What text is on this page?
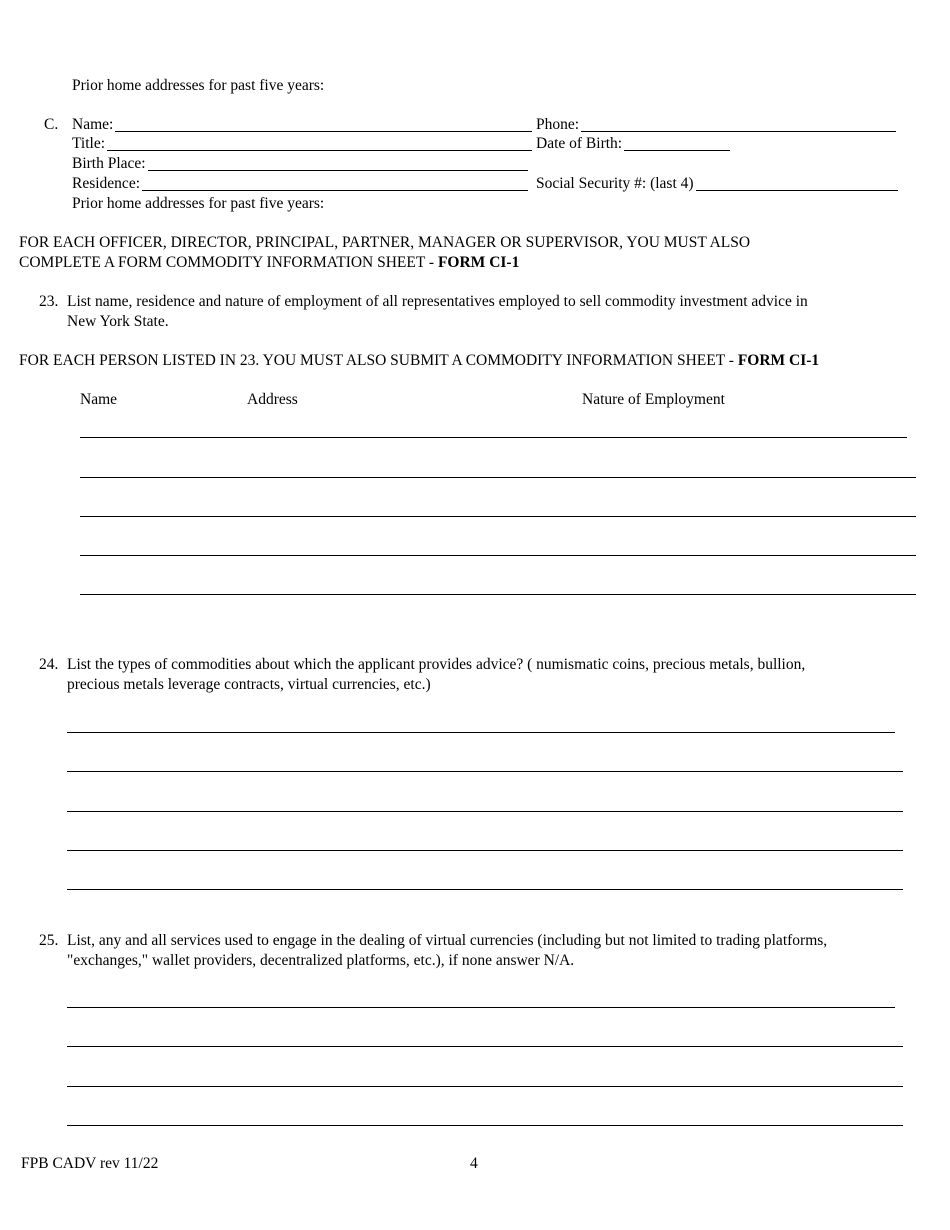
Prior home addresses for past five years:
C. Name:	Phone:
Title:	Date of Birth:
Birth Place:
Residence:	Social Security #: (last 4)
Prior home addresses for past five years:
FOR EACH OFFICER, DIRECTOR, PRINCIPAL, PARTNER, MANAGER OR SUPERVISOR, YOU MUST ALSO
COMPLETE A FORM COMMODITY INFORMATION SHEET - FORM CI-1
23. List name, residence and nature of employment of all representatives employed to sell commodity investment advice in
New York State.
FOR EACH PERSON LISTED IN 23. YOU MUST ALSO SUBMIT A COMMODITY INFORMATION SHEET - FORM CI-1
Name	Address	Nature of Employment
24. List the types of commodities about which the applicant provides advice? ( numismatic coins, precious metals, bullion,
precious metals leverage contracts, virtual currencies, etc.)
25. List, any and all services used to engage in the dealing of virtual currencies (including but not limited to trading platforms,
"exchanges," wallet providers, decentralized platforms, etc.), if none answer N/A.
FPB CADV rev 11/22	4
